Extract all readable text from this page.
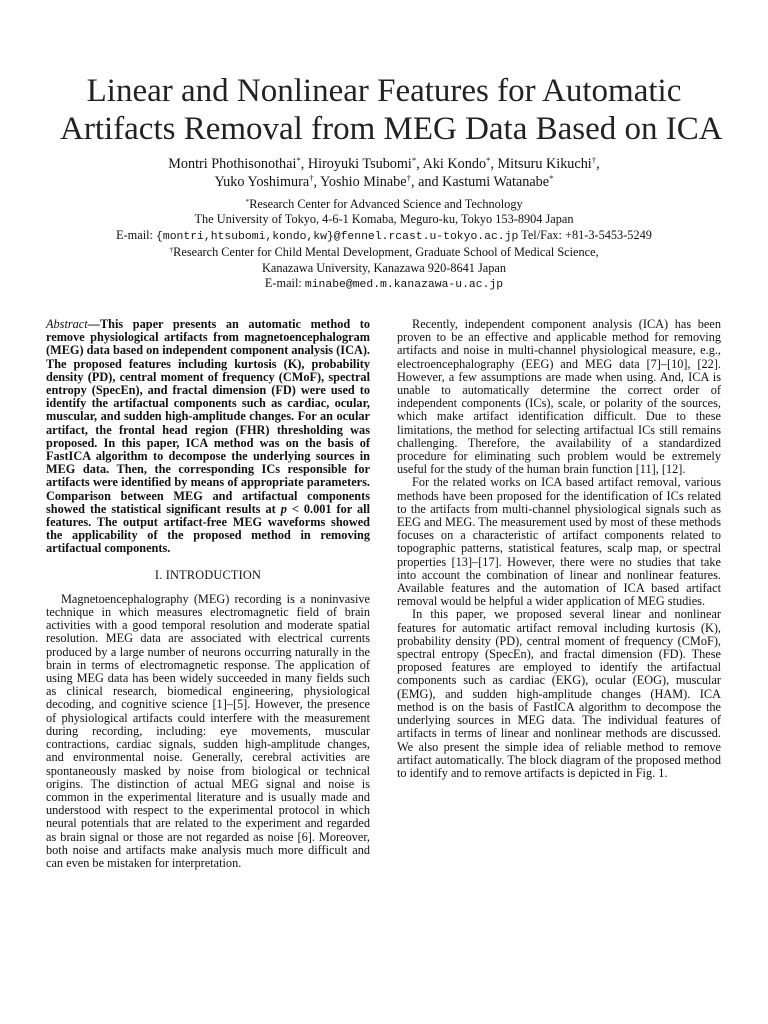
Linear and Nonlinear Features for Automatic
Artifacts Removal from MEG Data Based on ICA
Montri Phothisonothai*, Hiroyuki Tsubomi*, Aki Kondo*, Mitsuru Kikuchi†,
Yuko Yoshimura†, Yoshio Minabe†, and Kastumi Watanabe*
*Research Center for Advanced Science and Technology
The University of Tokyo, 4-6-1 Komaba, Meguro-ku, Tokyo 153-8904 Japan
E-mail: {montri,htsubomi,kondo,kw}@fennel.rcast.u-tokyo.ac.jp Tel/Fax: +81-3-5453-5249
†Research Center for Child Mental Development, Graduate School of Medical Science,
Kanazawa University, Kanazawa 920-8641 Japan
E-mail: minabe@med.m.kanazawa-u.ac.jp

Abstract—This paper presents an automatic method to remove physiological artifacts from magnetoencephalogram (MEG) data based on independent component analysis (ICA). The proposed features including kurtosis (K), probability density (PD), central moment of frequency (CMoF), spectral entropy (SpecEn), and fractal dimension (FD) were used to identify the artifactual components such as cardiac, ocular, muscular, and sudden high-amplitude changes. For an ocular artifact, the frontal head region (FHR) thresholding was proposed. In this paper, ICA method was on the basis of FastICA algorithm to decompose the underlying sources in MEG data. Then, the corresponding ICs responsible for artifacts were identified by means of appropriate parameters. Comparison between MEG and artifactual components showed the statistical significant results at p < 0.001 for all features. The output artifact-free MEG waveforms showed the applicability of the proposed method in removing artifactual components.

I. INTRODUCTION

Magnetoencephalography (MEG) recording is a noninvasive technique in which measures electromagnetic field of brain activities with a good temporal resolution and moderate spatial resolution. MEG data are associated with electrical currents produced by a large number of neurons occurring naturally in the brain in terms of electromagnetic response. The application of using MEG data has been widely succeeded in many fields such as clinical research, biomedical engineering, physiological decoding, and cognitive science [1]–[5]. However, the presence of physiological artifacts could interfere with the measurement during recording, including: eye movements, muscular contractions, cardiac signals, sudden high-amplitude changes, and environmental noise. Generally, cerebral activities are spontaneously masked by noise from biological or technical origins. The distinction of actual MEG signal and noise is common in the experimental literature and is usually made and understood with respect to the experimental protocol in which neural potentials that are related to the experiment and regarded as brain signal or those are not regarded as noise [6]. Moreover, both noise and artifacts make analysis much more difficult and can even be mistaken for interpretation.

Recently, independent component analysis (ICA) has been proven to be an effective and applicable method for removing artifacts and noise in multi-channel physiological measure, e.g., electroencephalography (EEG) and MEG data [7]–[10], [22]. However, a few assumptions are made when using. And, ICA is unable to automatically determine the correct order of independent components (ICs), scale, or polarity of the sources, which make artifact identification difficult. Due to these limitations, the method for selecting artifactual ICs still remains challenging. Therefore, the availability of a standardized procedure for eliminating such problem would be extremely useful for the study of the human brain function [11], [12].

For the related works on ICA based artifact removal, various methods have been proposed for the identification of ICs related to the artifacts from multi-channel physiological signals such as EEG and MEG. The measurement used by most of these methods focuses on a characteristic of artifact components related to topographic patterns, statistical features, scalp map, or spectral properties [13]–[17]. However, there were no studies that take into account the combination of linear and nonlinear features. Available features and the automation of ICA based artifact removal would be helpful a wider application of MEG studies.

In this paper, we proposed several linear and nonlinear features for automatic artifact removal including kurtosis (K), probability density (PD), central moment of frequency (CMoF), spectral entropy (SpecEn), and fractal dimension (FD). These proposed features are employed to identify the artifactual components such as cardiac (EKG), ocular (EOG), muscular (EMG), and sudden high-amplitude changes (HAM). ICA method is on the basis of FastICA algorithm to decompose the underlying sources in MEG data. The individual features of artifacts in terms of linear and nonlinear methods are discussed. We also present the simple idea of reliable method to remove artifact automatically. The block diagram of the proposed method to identify and to remove artifacts is depicted in Fig. 1.
